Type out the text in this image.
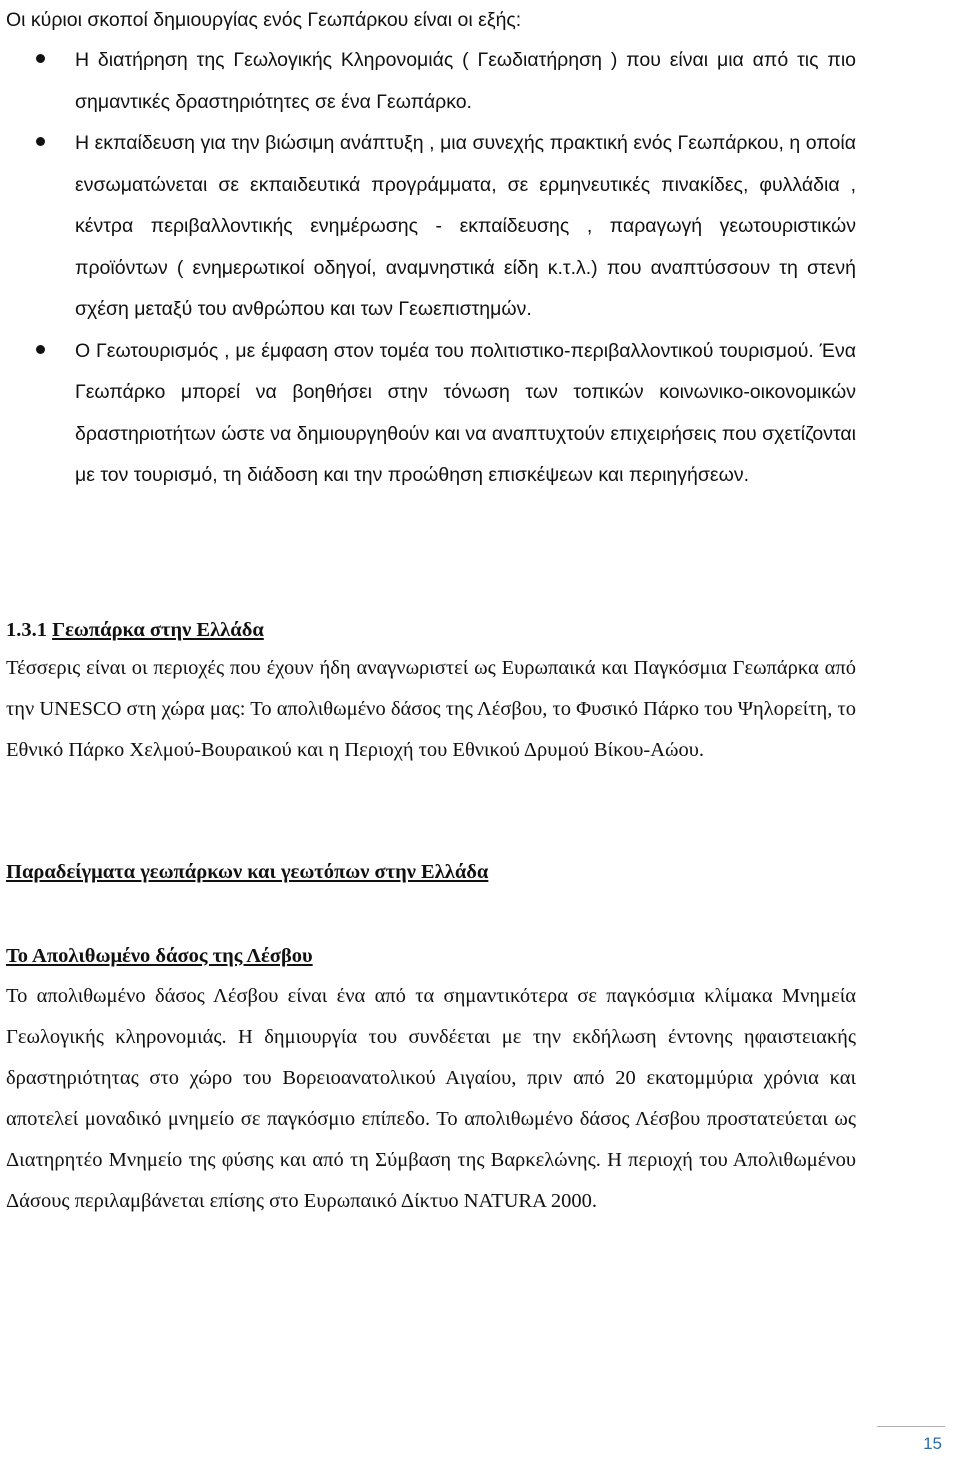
Οι κύριοι σκοποί δημιουργίας ενός Γεωπάρκου είναι οι εξής:

Η διατήρηση της Γεωλογικής Κληρονομιάς ( Γεωδιατήρηση ) που είναι μια από τις πιο σημαντικές δραστηριότητες σε ένα Γεωπάρκο.
Η εκπαίδευση για την βιώσιμη ανάπτυξη , μια συνεχής πρακτική ενός Γεωπάρκου, η οποία ενσωματώνεται σε εκπαιδευτικά προγράμματα, σε ερμηνευτικές πινακίδες, φυλλάδια , κέντρα περιβαλλοντικής ενημέρωσης - εκπαίδευσης , παραγωγή γεωτουριστικών προϊόντων ( ενημερωτικοί οδηγοί, αναμνηστικά είδη κ.τ.λ.) που αναπτύσσουν τη στενή σχέση μεταξύ του ανθρώπου και των Γεωεπιστημών.
Ο Γεωτουρισμός , με έμφαση στον τομέα του πολιτιστικο-περιβαλλοντικού τουρισμού. Ένα Γεωπάρκο μπορεί να βοηθήσει στην τόνωση των τοπικών κοινωνικο-οικονομικών δραστηριοτήτων ώστε να δημιουργηθούν και να αναπτυχτούν επιχειρήσεις που σχετίζονται με τον τουρισμό, τη διάδοση και την προώθηση επισκέψεων και περιηγήσεων.

1.3.1 Γεωπάρκα στην Ελλάδα

Τέσσερις είναι οι περιοχές που έχουν ήδη αναγνωριστεί ως Ευρωπαικά και Παγκόσμια Γεωπάρκα από την UNESCO στη χώρα μας: Το απολιθωμένο δάσος της Λέσβου, το Φυσικό Πάρκο του Ψηλορείτη, το Εθνικό Πάρκο Χελμού-Βουραικού και η Περιοχή του Εθνικού Δρυμού Βίκου-Αώου.

Παραδείγματα γεωπάρκων και γεωτόπων στην Ελλάδα

Το Απολιθωμένο δάσος της Λέσβου

Το απολιθωμένο δάσος Λέσβου είναι ένα από τα σημαντικότερα σε παγκόσμια κλίμακα Μνημεία Γεωλογικής κληρονομιάς. Η δημιουργία του συνδέεται με την εκδήλωση έντονης ηφαιστειακής δραστηριότητας στο χώρο του Βορειοανατολικού Αιγαίου, πριν από 20 εκατομμύρια χρόνια και αποτελεί μοναδικό μνημείο σε παγκόσμιο επίπεδο. Το απολιθωμένο δάσος Λέσβου προστατεύεται ως Διατηρητέο Μνημείο της φύσης και από τη Σύμβαση της Βαρκελώνης. Η περιοχή του Απολιθωμένου Δάσους περιλαμβάνεται επίσης στο Ευρωπαικό Δίκτυο NATURA 2000.

15
